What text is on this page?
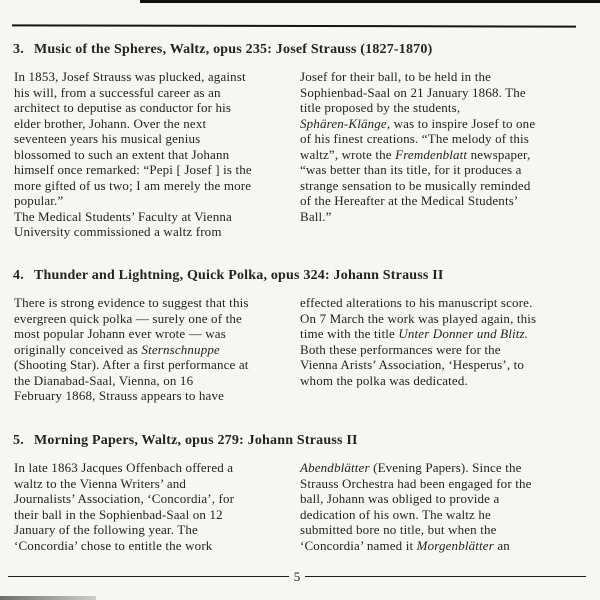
3. Music of the Spheres, Waltz, opus 235: Josef Strauss (1827-1870)
In 1853, Josef Strauss was plucked, against
his will, from a successful career as an
architect to deputise as conductor for his
elder brother, Johann. Over the next
seventeen years his musical genius
blossomed to such an extent that Johann
himself once remarked: “Pepi [ Josef ] is the
more gifted of us two; I am merely the more
popular.”
The Medical Students’ Faculty at Vienna
University commissioned a waltz from
Josef for their ball, to be held in the
Sophienbad-Saal on 21 January 1868. The
title proposed by the students,
Sphären-Klänge, was to inspire Josef to one
of his finest creations. “The melody of this
waltz”, wrote the Fremdenblatt newspaper,
“was better than its title, for it produces a
strange sensation to be musically reminded
of the Hereafter at the Medical Students’
Ball.”
4. Thunder and Lightning, Quick Polka, opus 324: Johann Strauss II
There is strong evidence to suggest that this
evergreen quick polka — surely one of the
most popular Johann ever wrote — was
originally conceived as Sternschnuppe
(Shooting Star). After a first performance at
the Dianabad-Saal, Vienna, on 16
February 1868, Strauss appears to have
effected alterations to his manuscript score.
On 7 March the work was played again, this
time with the title Unter Donner und Blitz.
Both these performances were for the
Vienna Arists’ Association, ‘Hesperus’, to
whom the polka was dedicated.
5. Morning Papers, Waltz, opus 279: Johann Strauss II
In late 1863 Jacques Offenbach offered a
waltz to the Vienna Writers’ and
Journalists’ Association, ‘Concordia’, for
their ball in the Sophienbad-Saal on 12
January of the following year. The
‘Concordia’ chose to entitle the work
Abendblätter (Evening Papers). Since the
Strauss Orchestra had been engaged for the
ball, Johann was obliged to provide a
dedication of his own. The waltz he
submitted bore no title, but when the
‘Concordia’ named it Morgenblätter an
5
